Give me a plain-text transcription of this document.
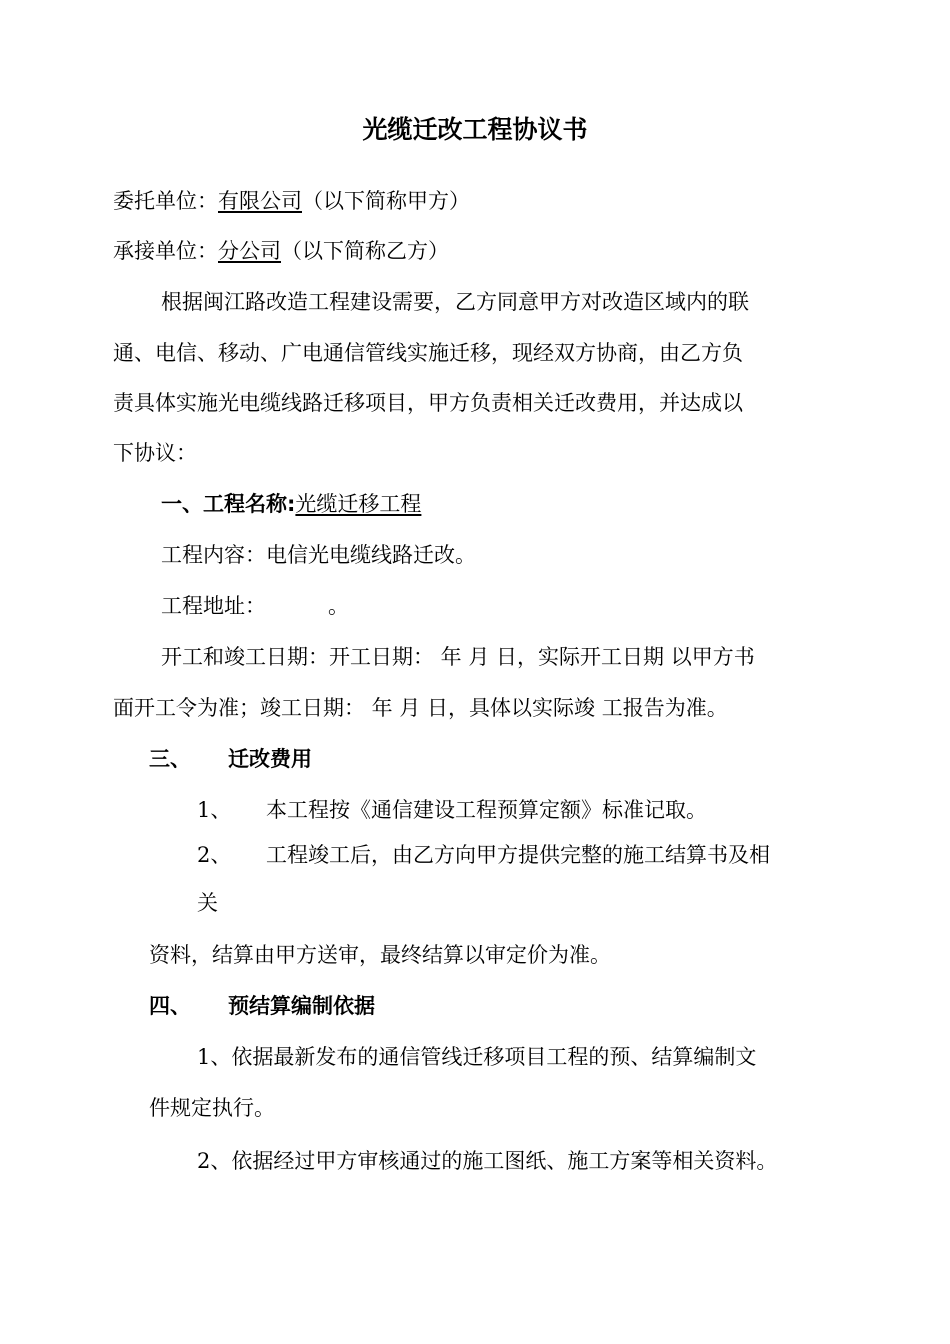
光缆迁改工程协议书
委托单位：有限公司（以下简称甲方）
承接单位：分公司（以下简称乙方）
根据闽江路改造工程建设需要，乙方同意甲方对改造区域内的联
通、电信、移动、广电通信管线实施迁移，现经双方协商，由乙方负
责具体实施光电缆线路迁移项目，甲方负责相关迁改费用，并达成以
下协议：
一、工程名称:光缆迁移工程
工程内容：电信光电缆线路迁改。
工程地址：	。
开工和竣工日期：开工日期： 年 月 日，实际开工日期 以甲方书
面开工令为准；竣工日期： 年 月 日，具体以实际竣 工报告为准。
三、 迁改费用
1、 本工程按《通信建设工程预算定额》标准记取。
2、 工程竣工后，由乙方向甲方提供完整的施工结算书及相
关
资料，结算由甲方送审，最终结算以审定价为准。
四、 预结算编制依据
1、依据最新发布的通信管线迁移项目工程的预、结算编制文
件规定执行。
2、依据经过甲方审核通过的施工图纸、施工方案等相关资料。
